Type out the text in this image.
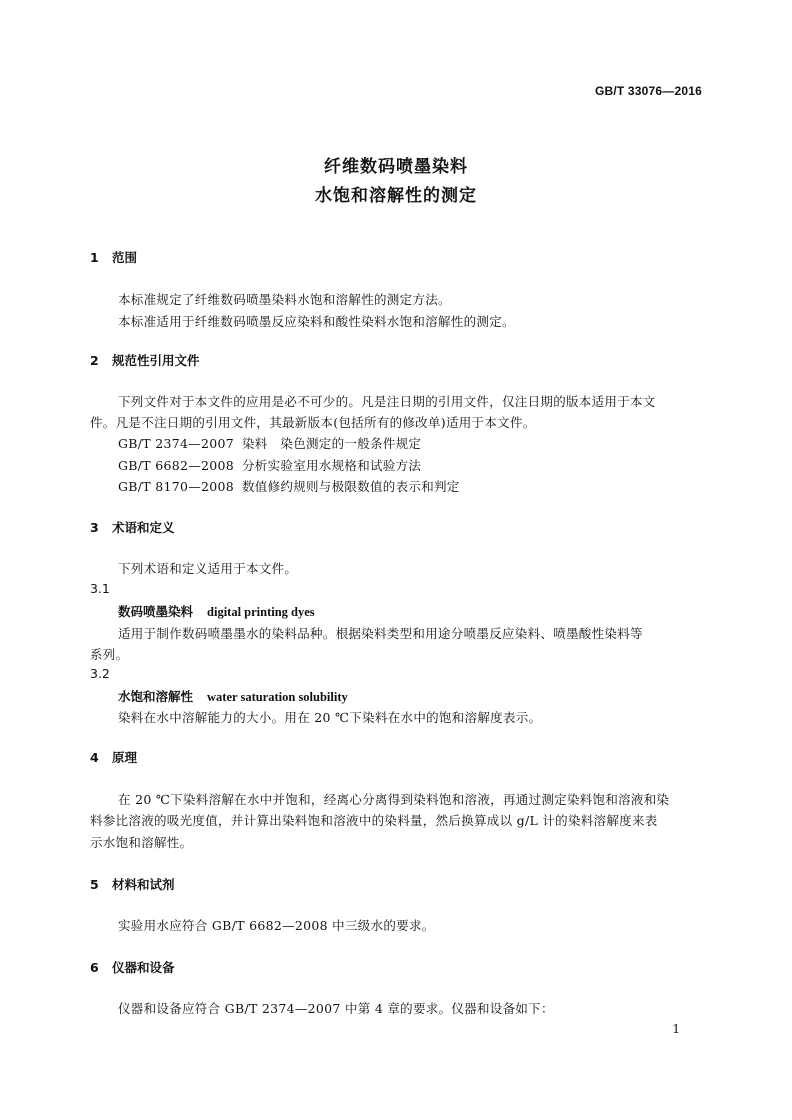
GB/T 33076—2016
纤维数码喷墨染料
水饱和溶解性的测定
1 范围
本标准规定了纤维数码喷墨染料水饱和溶解性的测定方法。
本标准适用于纤维数码喷墨反应染料和酸性染料水饱和溶解性的测定。
2 规范性引用文件
下列文件对于本文件的应用是必不可少的。凡是注日期的引用文件，仅注日期的版本适用于本文
件。凡是不注日期的引用文件，其最新版本(包括所有的修改单)适用于本文件。
GB/T 2374—2007 染料　染色测定的一般条件规定
GB/T 6682—2008 分析实验室用水规格和试验方法
GB/T 8170—2008 数值修约规则与极限数值的表示和判定
3 术语和定义
下列术语和定义适用于本文件。
3.1
数码喷墨染料 digital printing dyes
适用于制作数码喷墨墨水的染料品种。根据染料类型和用途分喷墨反应染料、喷墨酸性染料等
系列。
3.2
水饱和溶解性 water saturation solubility
染料在水中溶解能力的大小。用在 20 ℃下染料在水中的饱和溶解度表示。
4 原理
在 20 ℃下染料溶解在水中并饱和，经离心分离得到染料饱和溶液，再通过测定染料饱和溶液和染
料参比溶液的吸光度值，并计算出染料饱和溶液中的染料量，然后换算成以 g/L 计的染料溶解度来表
示水饱和溶解性。
5 材料和试剂
实验用水应符合 GB/T 6682—2008 中三级水的要求。
6 仪器和设备
仪器和设备应符合 GB/T 2374—2007 中第 4 章的要求。仪器和设备如下：
1
